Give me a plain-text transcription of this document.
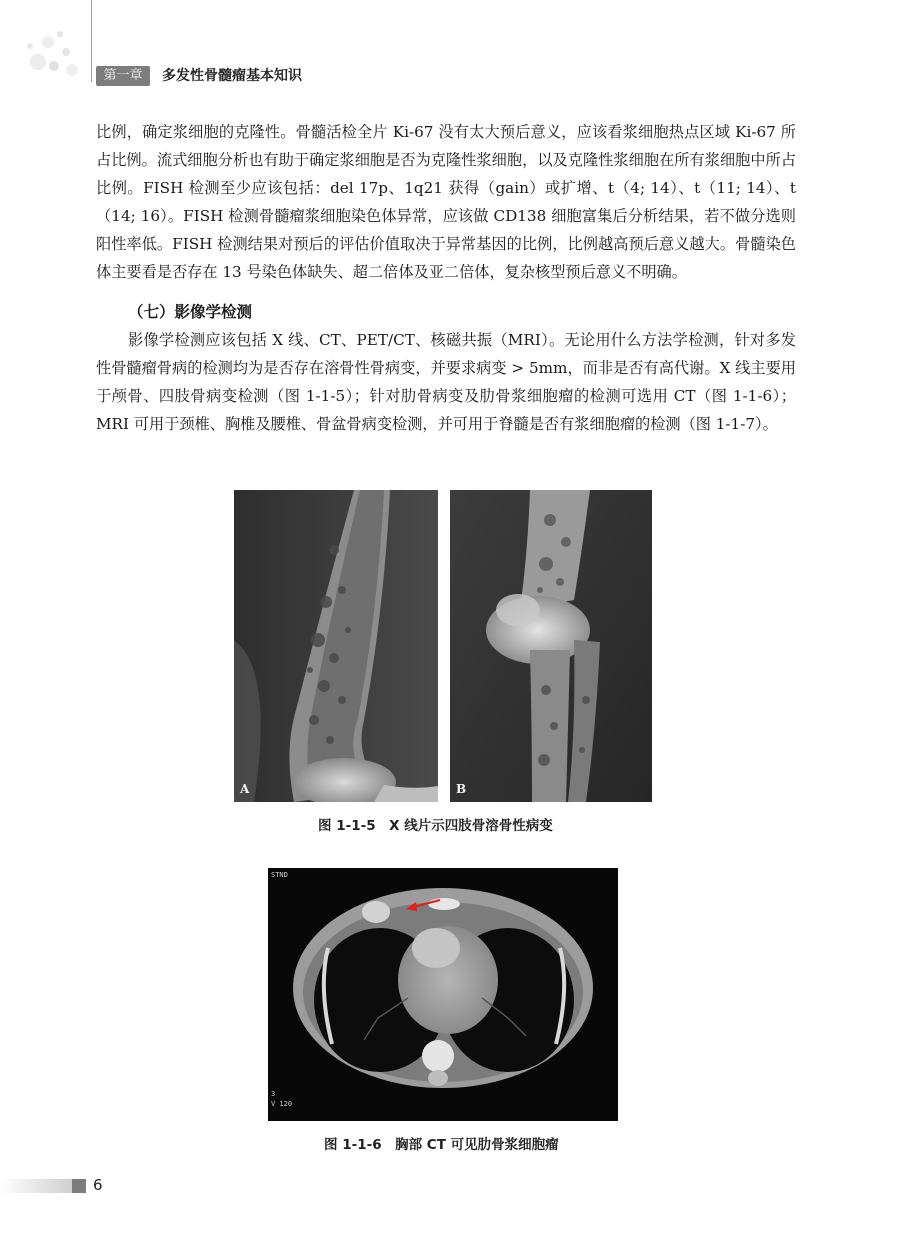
第一章	多发性骨髓瘤基本知识

比例，确定浆细胞的克隆性。骨髓活检全片 Ki-67 没有太大预后意义，应该看浆细胞热点区域 Ki-67 所占比例。流式细胞分析也有助于确定浆细胞是否为克隆性浆细胞，以及克隆性浆细胞在所有浆细胞中所占比例。FISH 检测至少应该包括：del 17p、1q21 获得（gain）或扩增、t（4; 14）、t（11; 14）、t（14; 16）。FISH 检测骨髓瘤浆细胞染色体异常，应该做 CD138 细胞富集后分析结果，若不做分选则阳性率低。FISH 检测结果对预后的评估价值取决于异常基因的比例，比例越高预后意义越大。骨髓染色体主要看是否存在 13 号染色体缺失、超二倍体及亚二倍体，复杂核型预后意义不明确。

（七）影像学检测

影像学检测应该包括 X 线、CT、PET/CT、核磁共振（MRI）。无论用什么方法学检测，针对多发性骨髓瘤骨病的检测均为是否存在溶骨性骨病变，并要求病变 > 5mm，而非是否有高代谢。X 线主要用于颅骨、四肢骨病变检测（图 1-1-5）；针对肋骨病变及肋骨浆细胞瘤的检测可选用 CT（图 1-1-6）；MRI 可用于颈椎、胸椎及腰椎、骨盆骨病变检测，并可用于脊髓是否有浆细胞瘤的检测（图 1-1-7）。

A	B
图 1-1-5　X 线片示四肢骨溶骨性病变
STND
3
V 120
图 1-1-6　胸部 CT 可见肋骨浆细胞瘤
6
